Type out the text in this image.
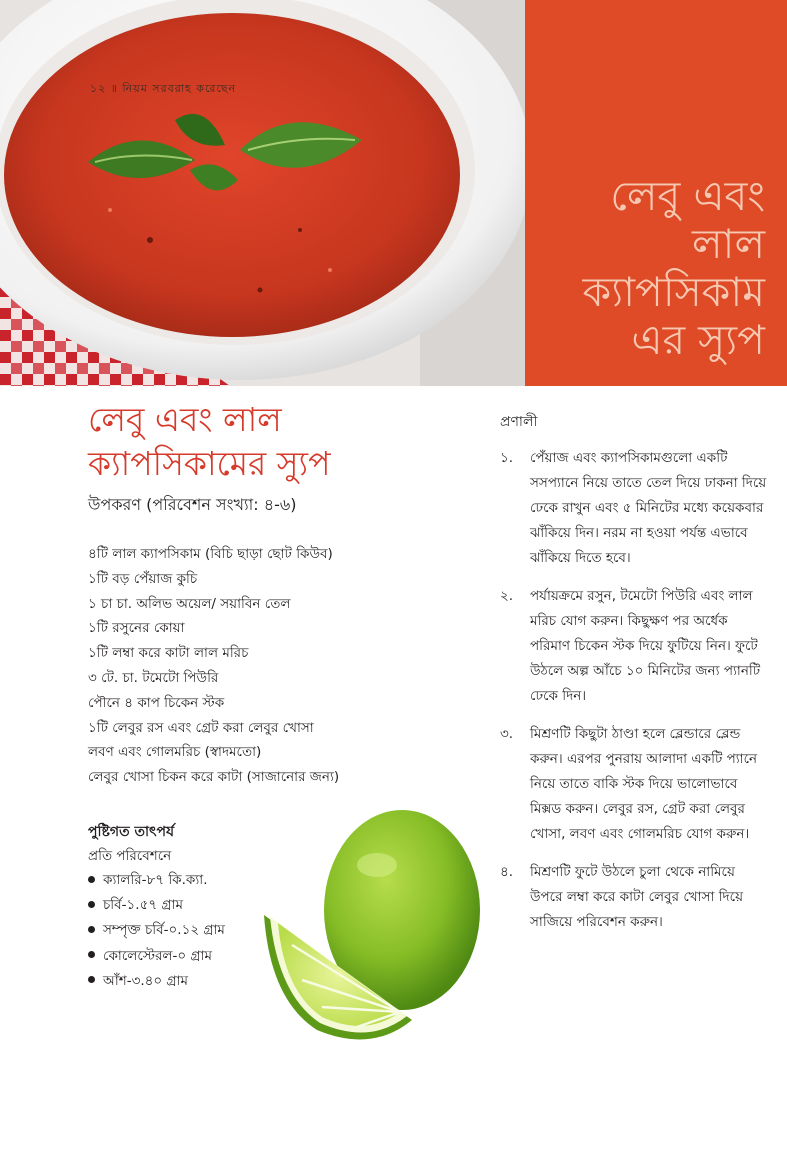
১২ ॥ নিয়ম সরবরাহ করেছেন
লেবু এবং
লাল
ক্যাপসিকাম
এর স্যুপ
লেবু এবং লাল
ক্যাপসিকামের স্যুপ
উপকরণ (পরিবেশন সংখ্যা: ৪-৬)
৪টি লাল ক্যাপসিকাম (বিচি ছাড়া ছোট কিউব)
১টি বড় পেঁয়াজ কুচি
১ চা চা. অলিভ অয়েল/ সয়াবিন তেল
১টি রসুনের কোয়া
১টি লম্বা করে কাটা লাল মরিচ
৩ টে. চা. টমেটো পিউরি
পৌনে ৪ কাপ চিকেন স্টক
১টি লেবুর রস এবং গ্রেট করা লেবুর খোসা
লবণ এবং গোলমরিচ (স্বাদমতো)
লেবুর খোসা চিকন করে কাটা (সাজানোর জন্য)
পুষ্টিগত তাৎপর্য
প্রতি পরিবেশনে
ক্যালরি-৮৭ কি.ক্যা.
চর্বি-১.৫৭ গ্রাম
সম্পৃক্ত চর্বি-০.১২ গ্রাম
কোলেস্টেরল-০ গ্রাম
আঁশ-৩.৪০ গ্রাম
প্রণালী
১. পেঁয়াজ এবং ক্যাপসিকামগুলো একটি সসপ্যানে নিয়ে তাতে তেল দিয়ে ঢাকনা দিয়ে ঢেকে রাখুন এবং ৫ মিনিটের মধ্যে কয়েকবার ঝাঁকিয়ে দিন। নরম না হওয়া পর্যন্ত এভাবে ঝাঁকিয়ে দিতে হবে।
২. পর্যায়ক্রমে রসুন, টমেটো পিউরি এবং লাল মরিচ যোগ করুন। কিছুক্ষণ পর অর্ধেক পরিমাণ চিকেন স্টক দিয়ে ফুটিয়ে নিন। ফুটে উঠলে অল্প আঁচে ১০ মিনিটের জন্য প্যানটি ঢেকে দিন।
৩. মিশ্রণটি কিছুটা ঠাণ্ডা হলে ব্লেন্ডারে ব্লেন্ড করুন। এরপর পুনরায় আলাদা একটি প্যানে নিয়ে তাতে বাকি স্টক দিয়ে ভালোভাবে মিক্সড করুন। লেবুর রস, গ্রেট করা লেবুর খোসা, লবণ এবং গোলমরিচ যোগ করুন।
৪. মিশ্রণটি ফুটে উঠলে চুলা থেকে নামিয়ে উপরে লম্বা করে কাটা লেবুর খোসা দিয়ে সাজিয়ে পরিবেশন করুন।
